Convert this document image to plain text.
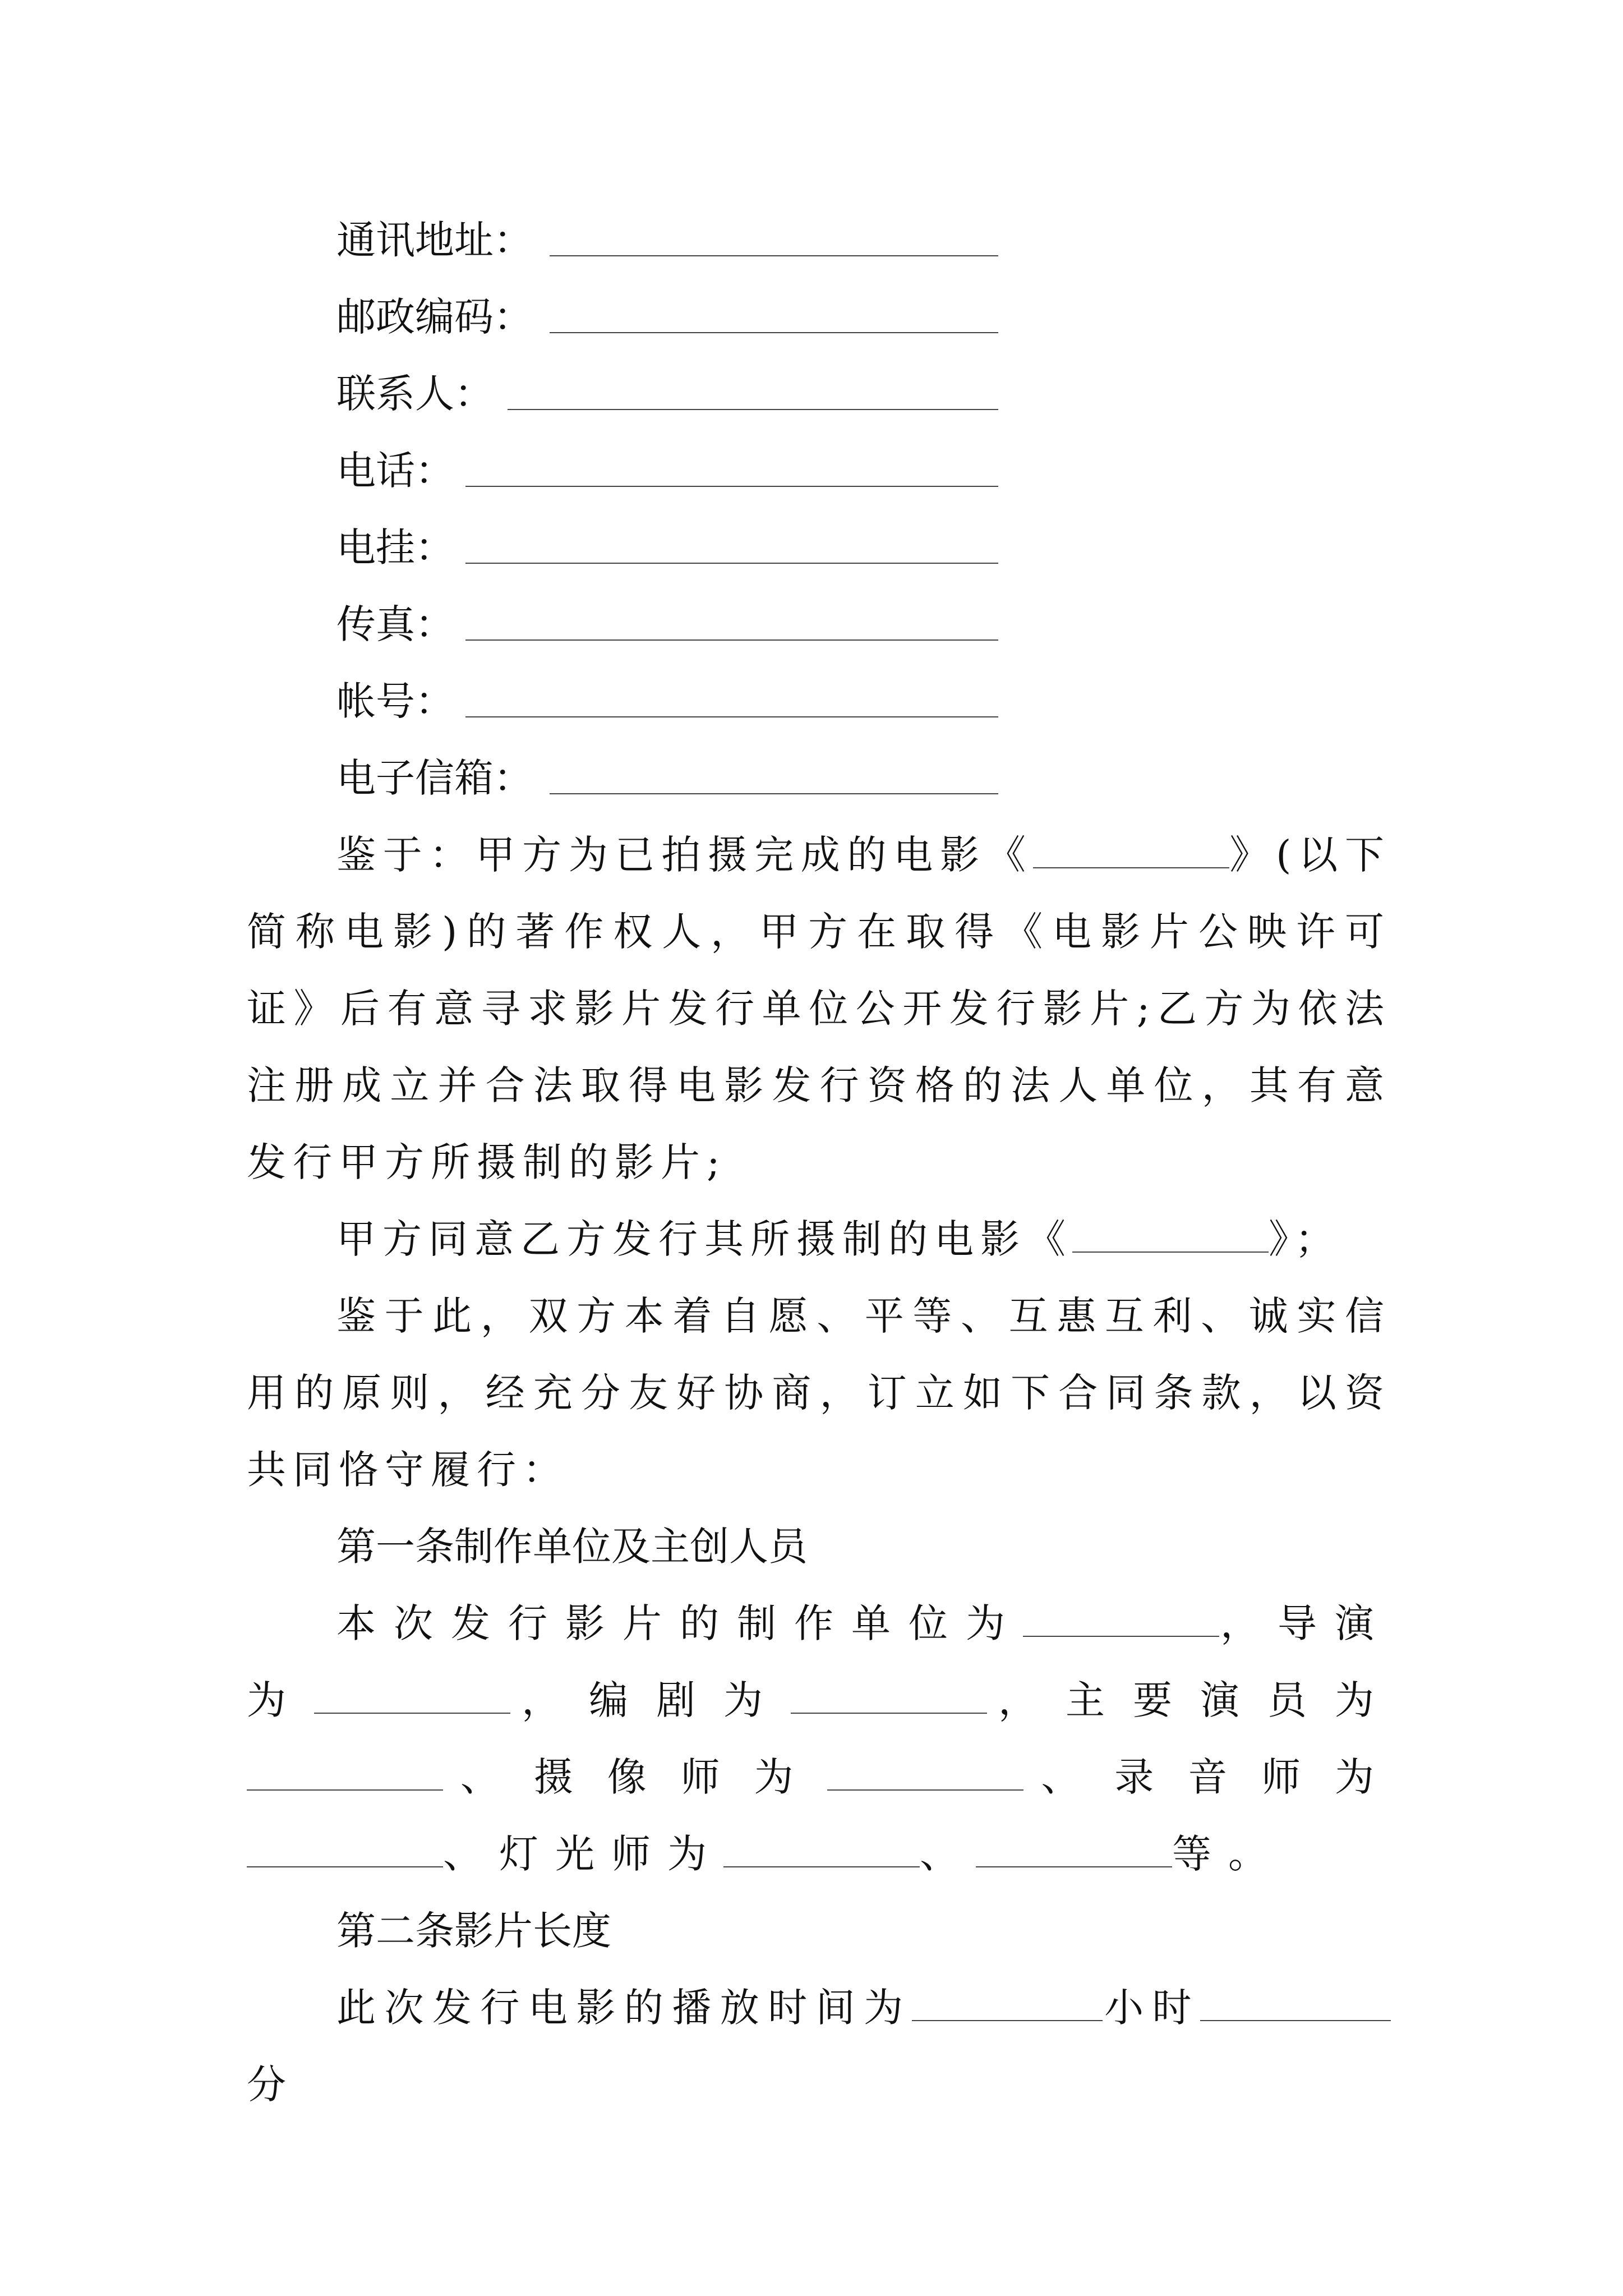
通讯地址：
邮政编码：
联系人：
电话：
电挂：
传真：
帐号：
电子信箱：

鉴于：甲方为已拍摄完成的电影《	》(以下简称电影)的著作权人，甲方在取得《电影片公映许可证》后有意寻求影片发行单位公开发行影片;乙方为依法注册成立并合法取得电影发行资格的法人单位，其有意发行甲方所摄制的影片;

甲方同意乙方发行其所摄制的电影《	》；

鉴于此，双方本着自愿、平等、互惠互利、诚实信用的原则，经充分友好协商，订立如下合同条款，以资共同恪守履行：

第一条制作单位及主创人员

本次发行影片的制作单位为	，导演为	，编剧为	，主要演员为、摄像师为	、录音师为、灯光师为	、	等。

第二条影片长度

此次发行电影的播放时间为	小时分
